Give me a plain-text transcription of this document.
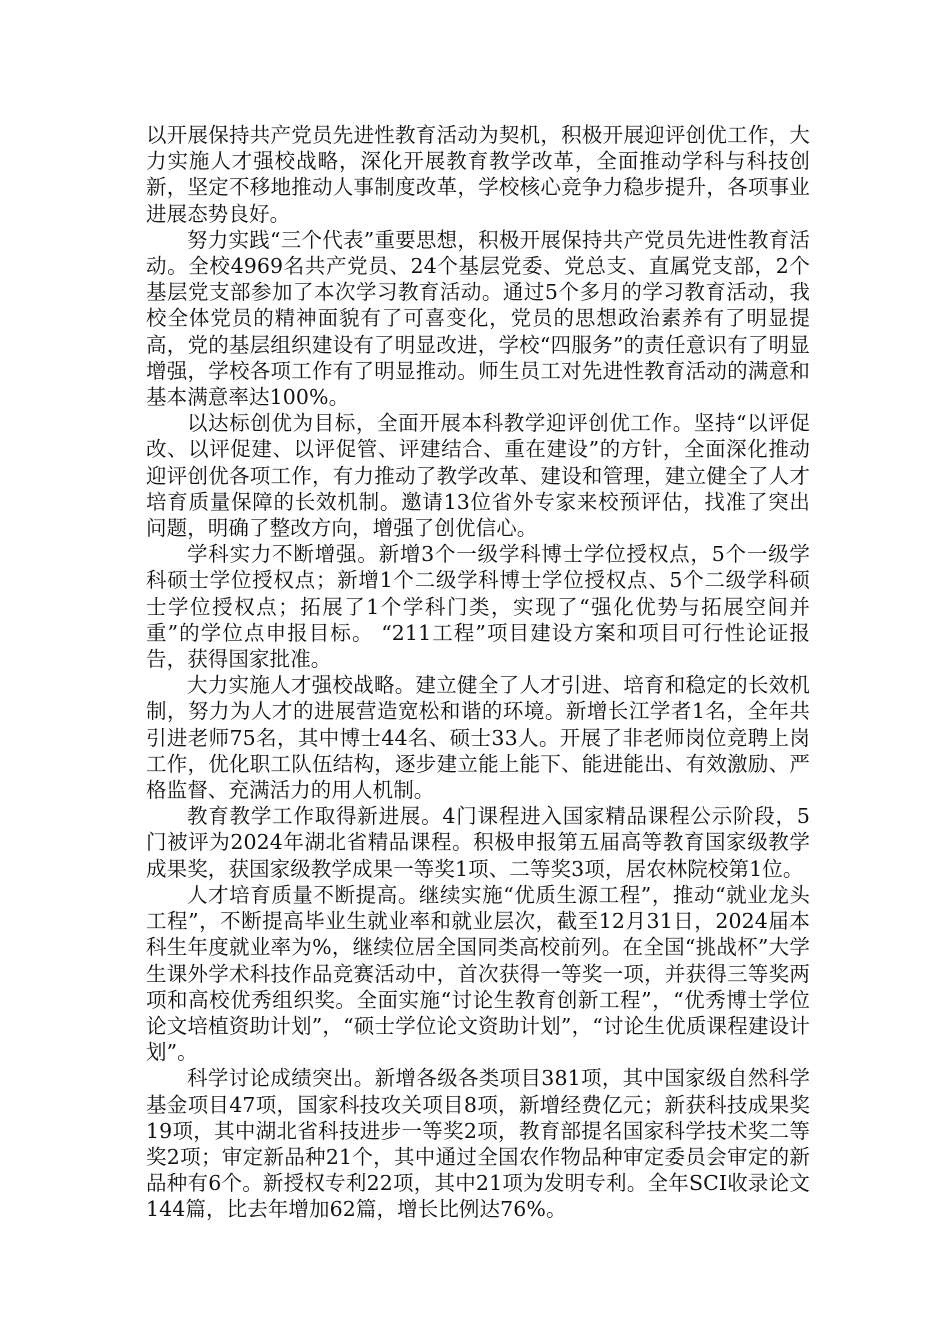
以开展保持共产党员先进性教育活动为契机，积极开展迎评创优工作，大力实施人才强校战略，深化开展教育教学改革，全面推动学科与科技创新，坚定不移地推动人事制度改革，学校核心竞争力稳步提升，各项事业进展态势良好。

努力实践“三个代表”重要思想，积极开展保持共产党员先进性教育活动。全校4969名共产党员、24个基层党委、党总支、直属党支部，2个基层党支部参加了本次学习教育活动。通过5个多月的学习教育活动，我校全体党员的精神面貌有了可喜变化，党员的思想政治素养有了明显提高，党的基层组织建设有了明显改进，学校“四服务”的责任意识有了明显增强，学校各项工作有了明显推动。师生员工对先进性教育活动的满意和基本满意率达100%。

以达标创优为目标，全面开展本科教学迎评创优工作。坚持“以评促改、以评促建、以评促管、评建结合、重在建设”的方针，全面深化推动迎评创优各项工作，有力推动了教学改革、建设和管理，建立健全了人才培育质量保障的长效机制。邀请13位省外专家来校预评估，找准了突出问题，明确了整改方向，增强了创优信心。

学科实力不断增强。新增3个一级学科博士学位授权点，5个一级学科硕士学位授权点；新增1个二级学科博士学位授权点、5个二级学科硕士学位授权点；拓展了1个学科门类，实现了“强化优势与拓展空间并重”的学位点申报目标。 “211工程”项目建设方案和项目可行性论证报告，获得国家批准。

大力实施人才强校战略。建立健全了人才引进、培育和稳定的长效机制，努力为人才的进展营造宽松和谐的环境。新增长江学者1名，全年共引进老师75名，其中博士44名、硕士33人。开展了非老师岗位竞聘上岗工作，优化职工队伍结构，逐步建立能上能下、能进能出、有效激励、严格监督、充满活力的用人机制。

教育教学工作取得新进展。4门课程进入国家精品课程公示阶段，5门被评为2024年湖北省精品课程。积极申报第五届高等教育国家级教学成果奖，获国家级教学成果一等奖1项、二等奖3项，居农林院校第1位。

人才培育质量不断提高。继续实施“优质生源工程”，推动“就业龙头工程”，不断提高毕业生就业率和就业层次，截至12月31日，2024届本科生年度就业率为%，继续位居全国同类高校前列。在全国“挑战杯”大学生课外学术科技作品竞赛活动中，首次获得一等奖一项，并获得三等奖两项和高校优秀组织奖。全面实施“讨论生教育创新工程”，“优秀博士学位论文培植资助计划”，“硕士学位论文资助计划”，“讨论生优质课程建设计划”。

科学讨论成绩突出。新增各级各类项目381项，其中国家级自然科学基金项目47项，国家科技攻关项目8项，新增经费亿元；新获科技成果奖19项，其中湖北省科技进步一等奖2项，教育部提名国家科学技术奖二等奖2项；审定新品种21个，其中通过全国农作物品种审定委员会审定的新品种有6个。新授权专利22项，其中21项为发明专利。全年SCI收录论文144篇，比去年增加62篇，增长比例达76%。
